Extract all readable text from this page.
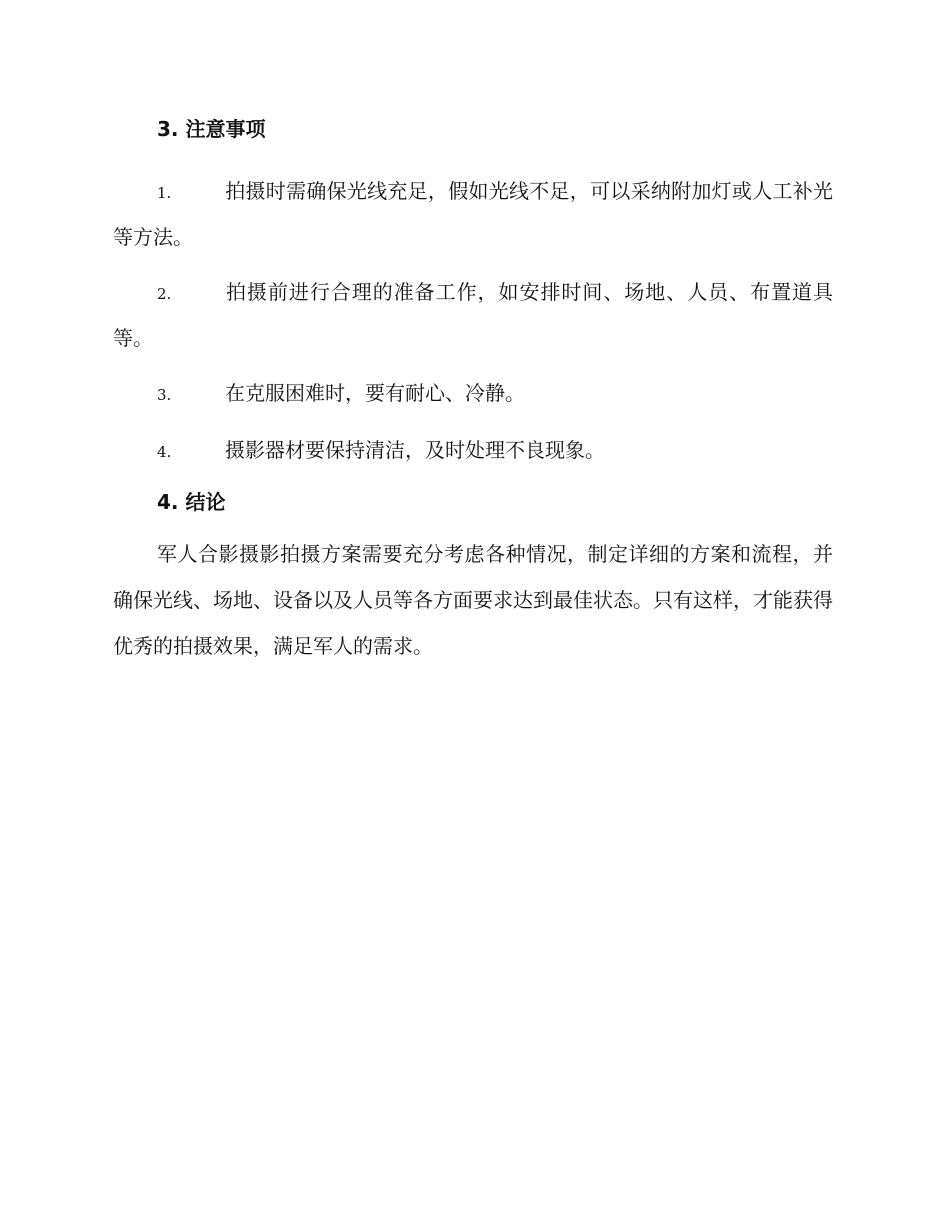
3. 注意事项
1.	拍摄时需确保光线充足，假如光线不足，可以采纳附加灯或人工补光等方法。
2.	拍摄前进行合理的准备工作，如安排时间、场地、人员、布置道具等。
3.	在克服困难时，要有耐心、冷静。
4.	摄影器材要保持清洁，及时处理不良现象。
4. 结论

军人合影摄影拍摄方案需要充分考虑各种情况，制定详细的方案和流程，并确保光线、场地、设备以及人员等各方面要求达到最佳状态。只有这样，才能获得优秀的拍摄效果，满足军人的需求。
